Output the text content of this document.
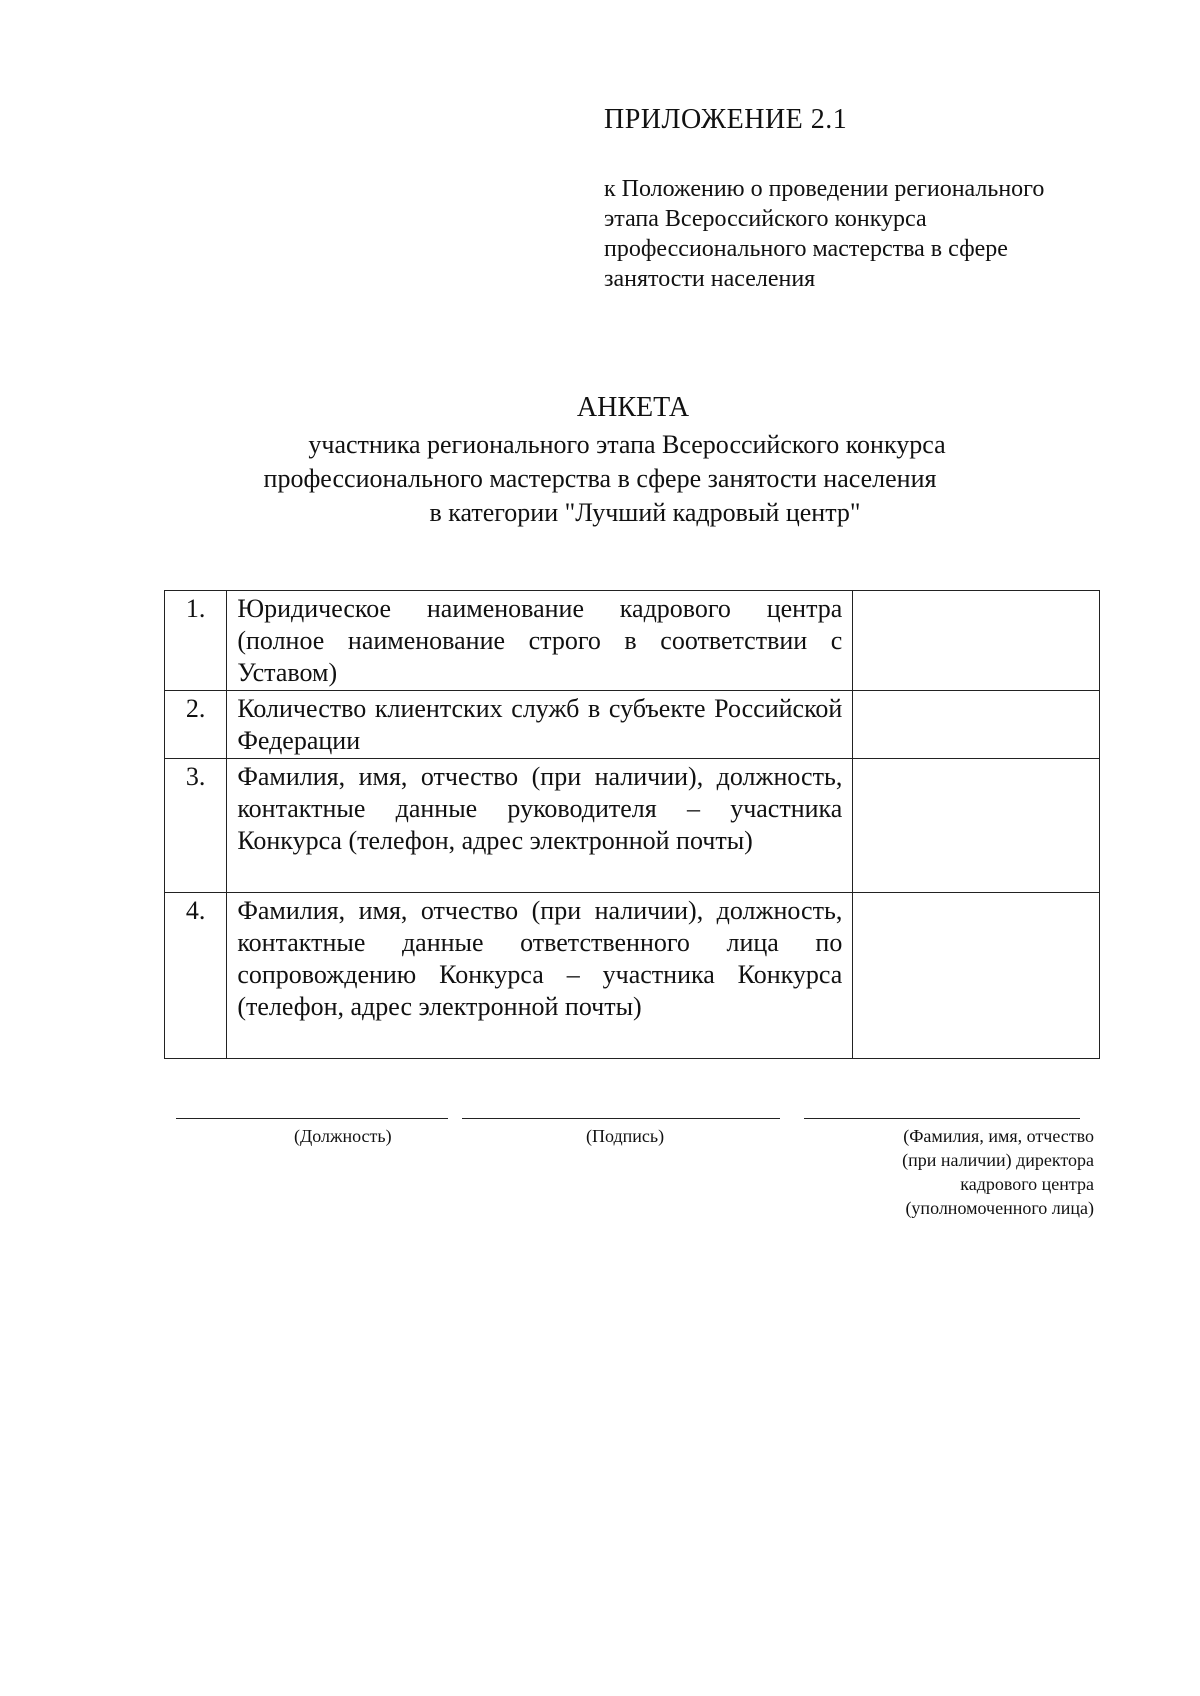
ПРИЛОЖЕНИЕ 2.1
к Положению о проведении регионального
этапа Всероссийского конкурса
профессионального мастерства в сфере
занятости населения
АНКЕТА
участника регионального этапа Всероссийского конкурса
профессионального мастерства в сфере занятости населения
в категории "Лучший кадровый центр"
1.	Юридическое наименование кадрового центра (полное наименование строго в соответствии с Уставом)	
2.	Количество клиентских служб в субъекте Российской Федерации	
3.	Фамилия, имя, отчество (при наличии), должность, контактные данные руководителя – участника Конкурса (телефон, адрес электронной почты)	
4.	Фамилия, имя, отчество (при наличии), должность, контактные данные ответственного лица по сопровождению Конкурса – участника Конкурса (телефон, адрес электронной почты)	
(Должность)	(Подпись)	(Фамилия, имя, отчество
(при наличии) директора
кадрового центра
(уполномоченного лица)
